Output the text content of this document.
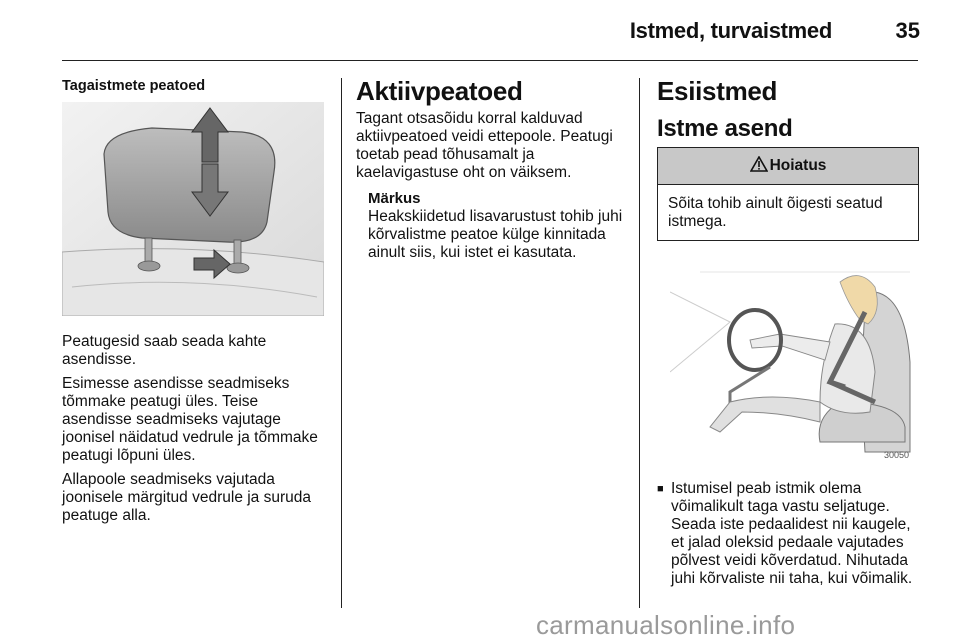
Istmed, turvaistmed	35
Tagaistmete peatoed

Peatugesid saab seada kahte asendisse.

Esimesse asendisse seadmiseks tõmmake peatugi üles. Teise asendisse seadmiseks vajutage joonisel näidatud vedrule ja tõmmake peatugi lõpuni üles.

Allapoole seadmiseks vajutada joonisele märgitud vedrule ja suruda peatuge alla.

Aktiivpeatoed

Tagant otsasõidu korral kalduvad aktiivpeatoed veidi ettepoole. Peatugi toetab pead tõhusamalt ja kaelavigastuse oht on väiksem.

Märkus
Heakskiidetud lisavarustust tohib juhi kõrvalistme peatoe külge kinnitada ainult siis, kui istet ei kasutata.
Esiistmed
Istme asend
Hoiatus
Sõita tohib ainult õigesti seatud istmega.
30050
■ Istumisel peab istmik olema võimalikult taga vastu seljatuge. Seada iste pedaalidest nii kaugele, et jalad oleksid pedaale vajutades põlvest veidi kõverdatud. Nihutada juhi kõrvaliste nii taha, kui võimalik.
carmanualsonline.info
